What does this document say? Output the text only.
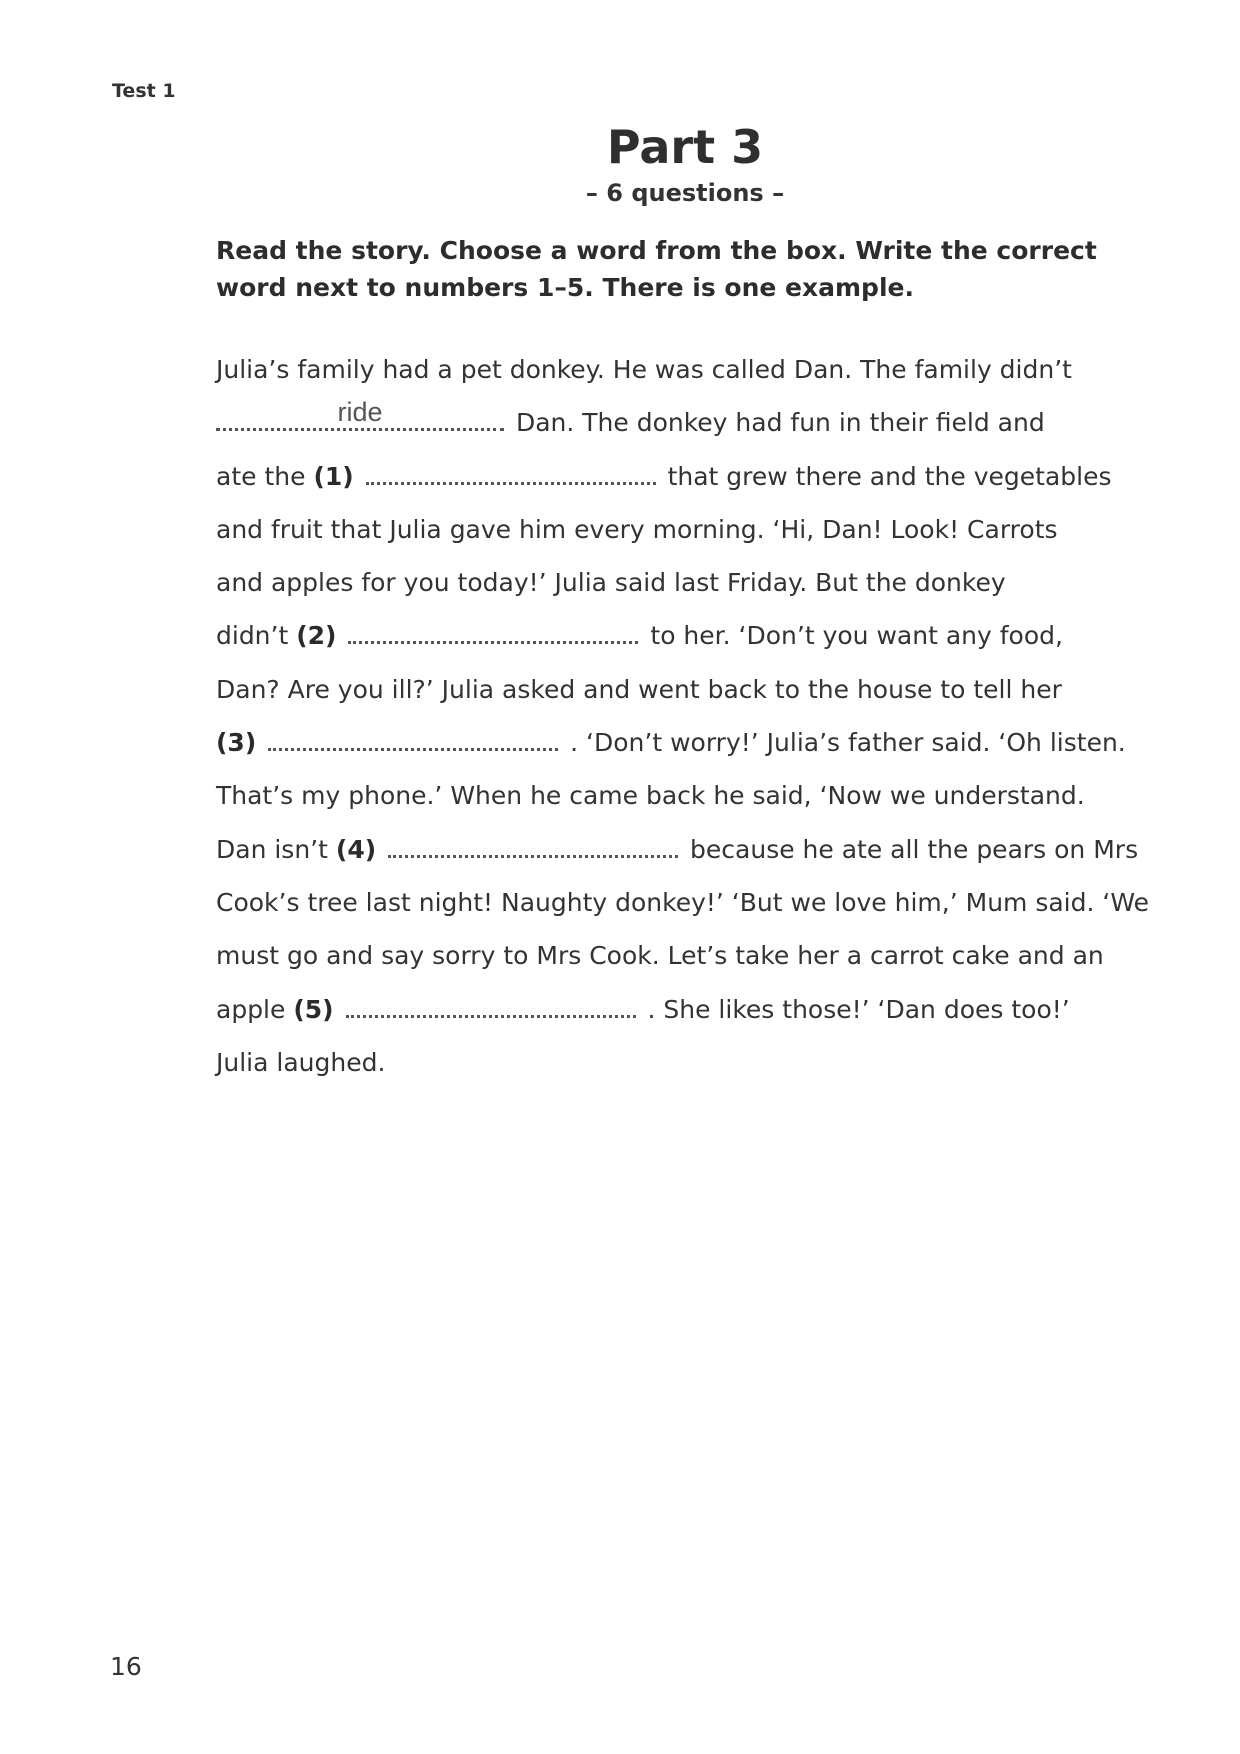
Test 1
Part 3
– 6 questions –
Read the story. Choose a word from the box. Write the correct
word next to numbers 1–5. There is one example.
Julia’s family had a pet donkey. He was called Dan. The family didn’t
ride	Dan. The donkey had fun in their field and
ate the (1)	that grew there and the vegetables
and fruit that Julia gave him every morning. ‘Hi, Dan! Look! Carrots
and apples for you today!’ Julia said last Friday. But the donkey
didn’t (2)	to her. ‘Don’t you want any food,
Dan? Are you ill?’ Julia asked and went back to the house to tell her
(3)	. ‘Don’t worry!’ Julia’s father said. ‘Oh listen.
That’s my phone.’ When he came back he said, ‘Now we understand.
Dan isn’t (4)	because he ate all the pears on Mrs
Cook’s tree last night! Naughty donkey!’ ‘But we love him,’ Mum said. ‘We
must go and say sorry to Mrs Cook. Let’s take her a carrot cake and an
apple (5)	. She likes those!’ ‘Dan does too!’
Julia laughed.
16
